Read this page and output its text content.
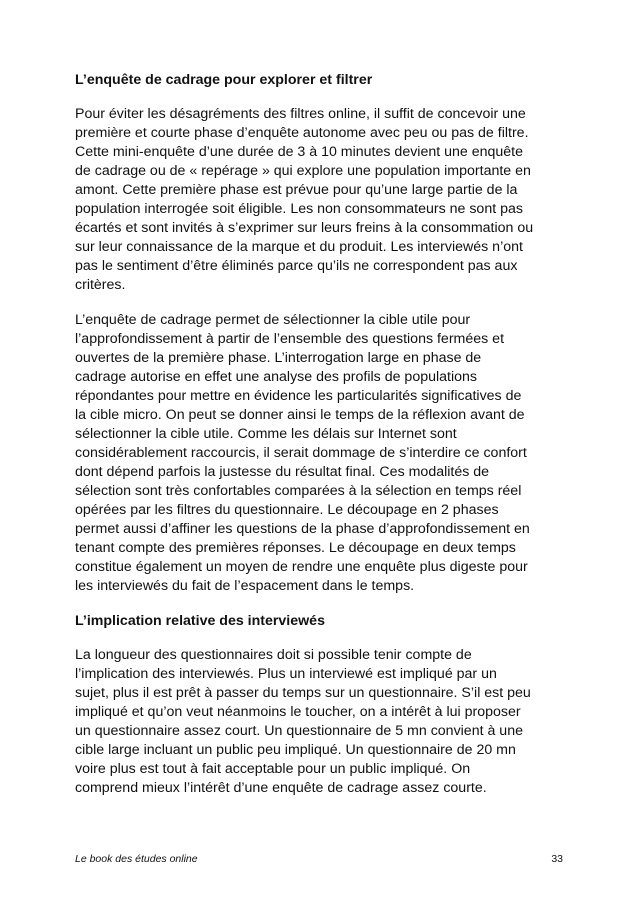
L’enquête de cadrage pour explorer et filtrer

Pour éviter les désagréments des filtres online, il suffit de concevoir une
première et courte phase d’enquête autonome avec peu ou pas de filtre.
Cette mini-enquête d’une durée de 3 à 10 minutes devient une enquête
de cadrage ou de « repérage » qui explore une population importante en
amont. Cette première phase est prévue pour qu’une large partie de la
population interrogée soit éligible. Les non consommateurs ne sont pas
écartés et sont invités à s’exprimer sur leurs freins à la consommation ou
sur leur connaissance de la marque et du produit. Les interviewés n’ont
pas le sentiment d’être éliminés parce qu’ils ne correspondent pas aux
critères.

L’enquête de cadrage permet de sélectionner la cible utile pour
l’approfondissement à partir de l’ensemble des questions fermées et
ouvertes de la première phase. L’interrogation large en phase de
cadrage autorise en effet une analyse des profils de populations
répondantes pour mettre en évidence les particularités significatives de
la cible micro. On peut se donner ainsi le temps de la réflexion avant de
sélectionner la cible utile. Comme les délais sur Internet sont
considérablement raccourcis, il serait dommage de s’interdire ce confort
dont dépend parfois la justesse du résultat final. Ces modalités de
sélection sont très confortables comparées à la sélection en temps réel
opérées par les filtres du questionnaire. Le découpage en 2 phases
permet aussi d’affiner les questions de la phase d’approfondissement en
tenant compte des premières réponses. Le découpage en deux temps
constitue également un moyen de rendre une enquête plus digeste pour
les interviewés du fait de l’espacement dans le temps.

L’implication relative des interviewés

La longueur des questionnaires doit si possible tenir compte de
l’implication des interviewés. Plus un interviewé est impliqué par un
sujet, plus il est prêt à passer du temps sur un questionnaire. S’il est peu
impliqué et qu’on veut néanmoins le toucher, on a intérêt à lui proposer
un questionnaire assez court. Un questionnaire de 5 mn convient à une
cible large incluant un public peu impliqué. Un questionnaire de 20 mn
voire plus est tout à fait acceptable pour un public impliqué. On
comprend mieux l’intérêt d’une enquête de cadrage assez courte.

Le book des études online	33
